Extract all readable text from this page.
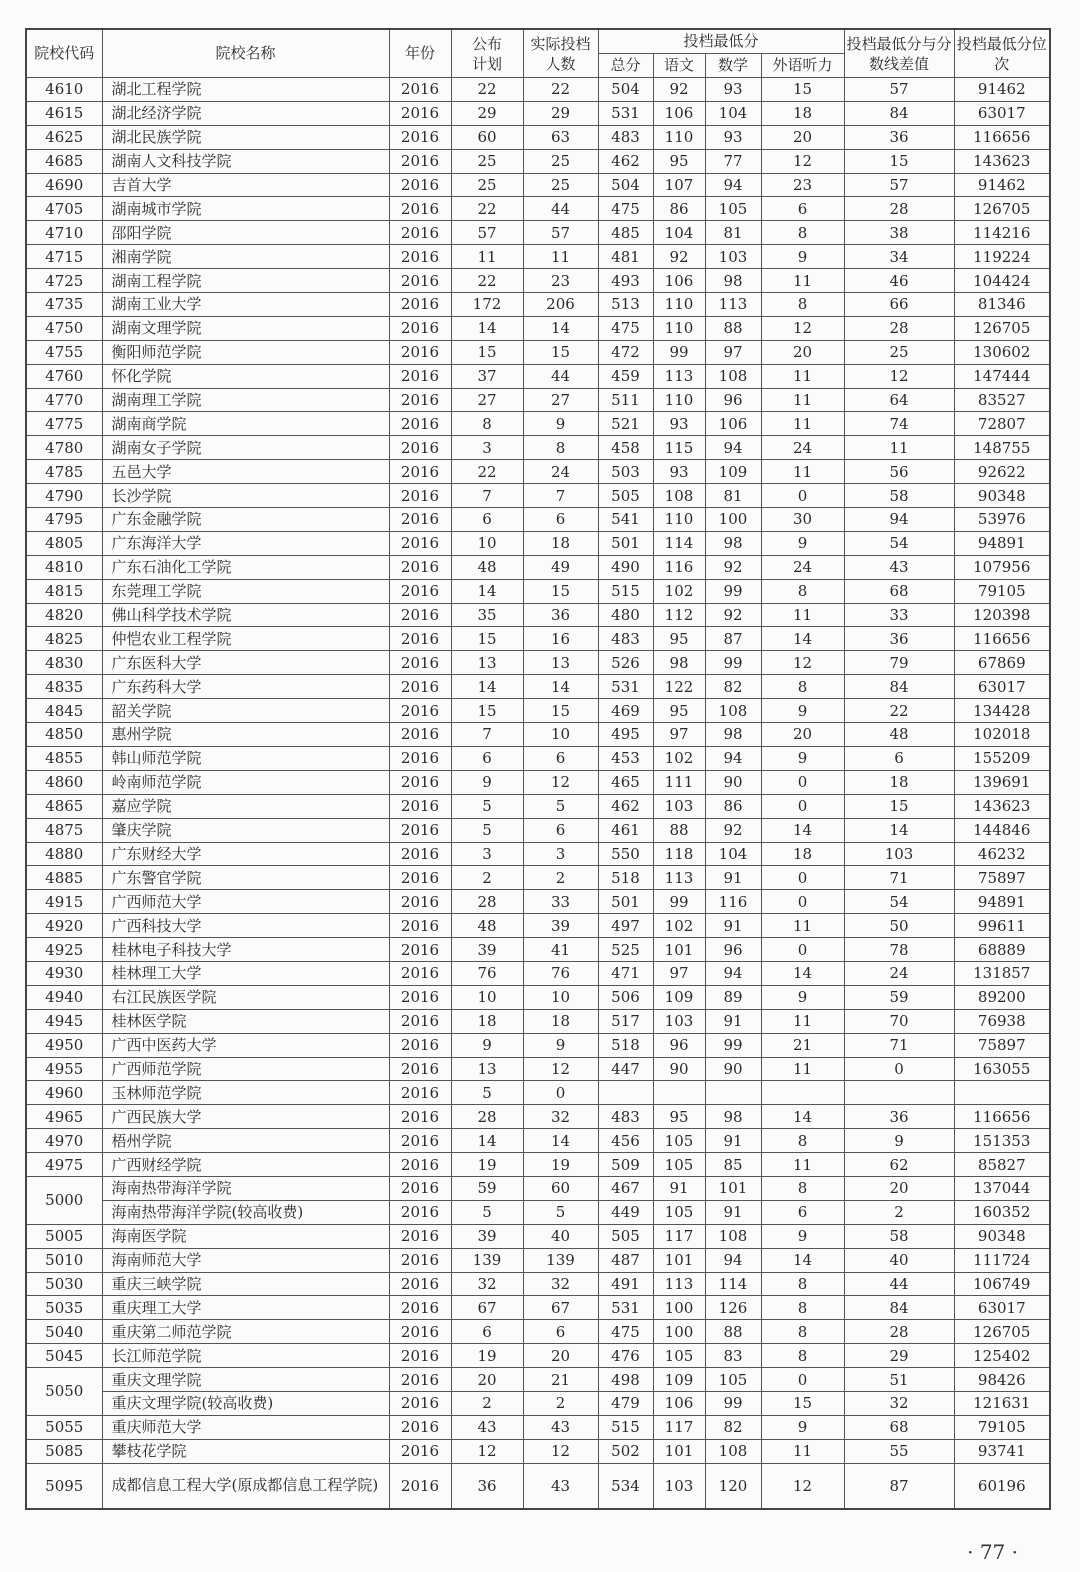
院校代码	院校名称	年份	公布计划	实际投档人数	投档最低分				投档最低分与分数线差值	投档最低分位次
					总分	语文	数学	外语听力		
4610	湖北工程学院	2016	22	22	504	92	93	15	57	91462
4615	湖北经济学院	2016	29	29	531	106	104	18	84	63017
4625	湖北民族学院	2016	60	63	483	110	93	20	36	116656
4685	湖南人文科技学院	2016	25	25	462	95	77	12	15	143623
4690	吉首大学	2016	25	25	504	107	94	23	57	91462
4705	湖南城市学院	2016	22	44	475	86	105	6	28	126705
4710	邵阳学院	2016	57	57	485	104	81	8	38	114216
4715	湘南学院	2016	11	11	481	92	103	9	34	119224
4725	湖南工程学院	2016	22	23	493	106	98	11	46	104424
4735	湖南工业大学	2016	172	206	513	110	113	8	66	81346
4750	湖南文理学院	2016	14	14	475	110	88	12	28	126705
4755	衡阳师范学院	2016	15	15	472	99	97	20	25	130602
4760	怀化学院	2016	37	44	459	113	108	11	12	147444
4770	湖南理工学院	2016	27	27	511	110	96	11	64	83527
4775	湖南商学院	2016	8	9	521	93	106	11	74	72807
4780	湖南女子学院	2016	3	8	458	115	94	24	11	148755
4785	五邑大学	2016	22	24	503	93	109	11	56	92622
4790	长沙学院	2016	7	7	505	108	81	0	58	90348
4795	广东金融学院	2016	6	6	541	110	100	30	94	53976
4805	广东海洋大学	2016	10	18	501	114	98	9	54	94891
4810	广东石油化工学院	2016	48	49	490	116	92	24	43	107956
4815	东莞理工学院	2016	14	15	515	102	99	8	68	79105
4820	佛山科学技术学院	2016	35	36	480	112	92	11	33	120398
4825	仲恺农业工程学院	2016	15	16	483	95	87	14	36	116656
4830	广东医科大学	2016	13	13	526	98	99	12	79	67869
4835	广东药科大学	2016	14	14	531	122	82	8	84	63017
4845	韶关学院	2016	15	15	469	95	108	9	22	134428
4850	惠州学院	2016	7	10	495	97	98	20	48	102018
4855	韩山师范学院	2016	6	6	453	102	94	9	6	155209
4860	岭南师范学院	2016	9	12	465	111	90	0	18	139691
4865	嘉应学院	2016	5	5	462	103	86	0	15	143623
4875	肇庆学院	2016	5	6	461	88	92	14	14	144846
4880	广东财经大学	2016	3	3	550	118	104	18	103	46232
4885	广东警官学院	2016	2	2	518	113	91	0	71	75897
4915	广西师范大学	2016	28	33	501	99	116	0	54	94891
4920	广西科技大学	2016	48	39	497	102	91	11	50	99611
4925	桂林电子科技大学	2016	39	41	525	101	96	0	78	68889
4930	桂林理工大学	2016	76	76	471	97	94	14	24	131857
4940	右江民族医学院	2016	10	10	506	109	89	9	59	89200
4945	桂林医学院	2016	18	18	517	103	91	11	70	76938
4950	广西中医药大学	2016	9	9	518	96	99	21	71	75897
4955	广西师范学院	2016	13	12	447	90	90	11	0	163055
4960	玉林师范学院	2016	5	0						
4965	广西民族大学	2016	28	32	483	95	98	14	36	116656
4970	梧州学院	2016	14	14	456	105	91	8	9	151353
4975	广西财经学院	2016	19	19	509	105	85	11	62	85827
5000	海南热带海洋学院	2016	59	60	467	91	101	8	20	137044
	海南热带海洋学院(较高收费)	2016	5	5	449	105	91	6	2	160352
5005	海南医学院	2016	39	40	505	117	108	9	58	90348
5010	海南师范大学	2016	139	139	487	101	94	14	40	111724
5030	重庆三峡学院	2016	32	32	491	113	114	8	44	106749
5035	重庆理工大学	2016	67	67	531	100	126	8	84	63017
5040	重庆第二师范学院	2016	6	6	475	100	88	8	28	126705
5045	长江师范学院	2016	19	20	476	105	83	8	29	125402
5050	重庆文理学院	2016	20	21	498	109	105	0	51	98426
	重庆文理学院(较高收费)	2016	2	2	479	106	99	15	32	121631
5055	重庆师范大学	2016	43	43	515	117	82	9	68	79105
5085	攀枝花学院	2016	12	12	502	101	108	11	55	93741
5095	成都信息工程大学(原成都信息工程学院)	2016	36	43	534	103	120	12	87	60196
· 77 ·
